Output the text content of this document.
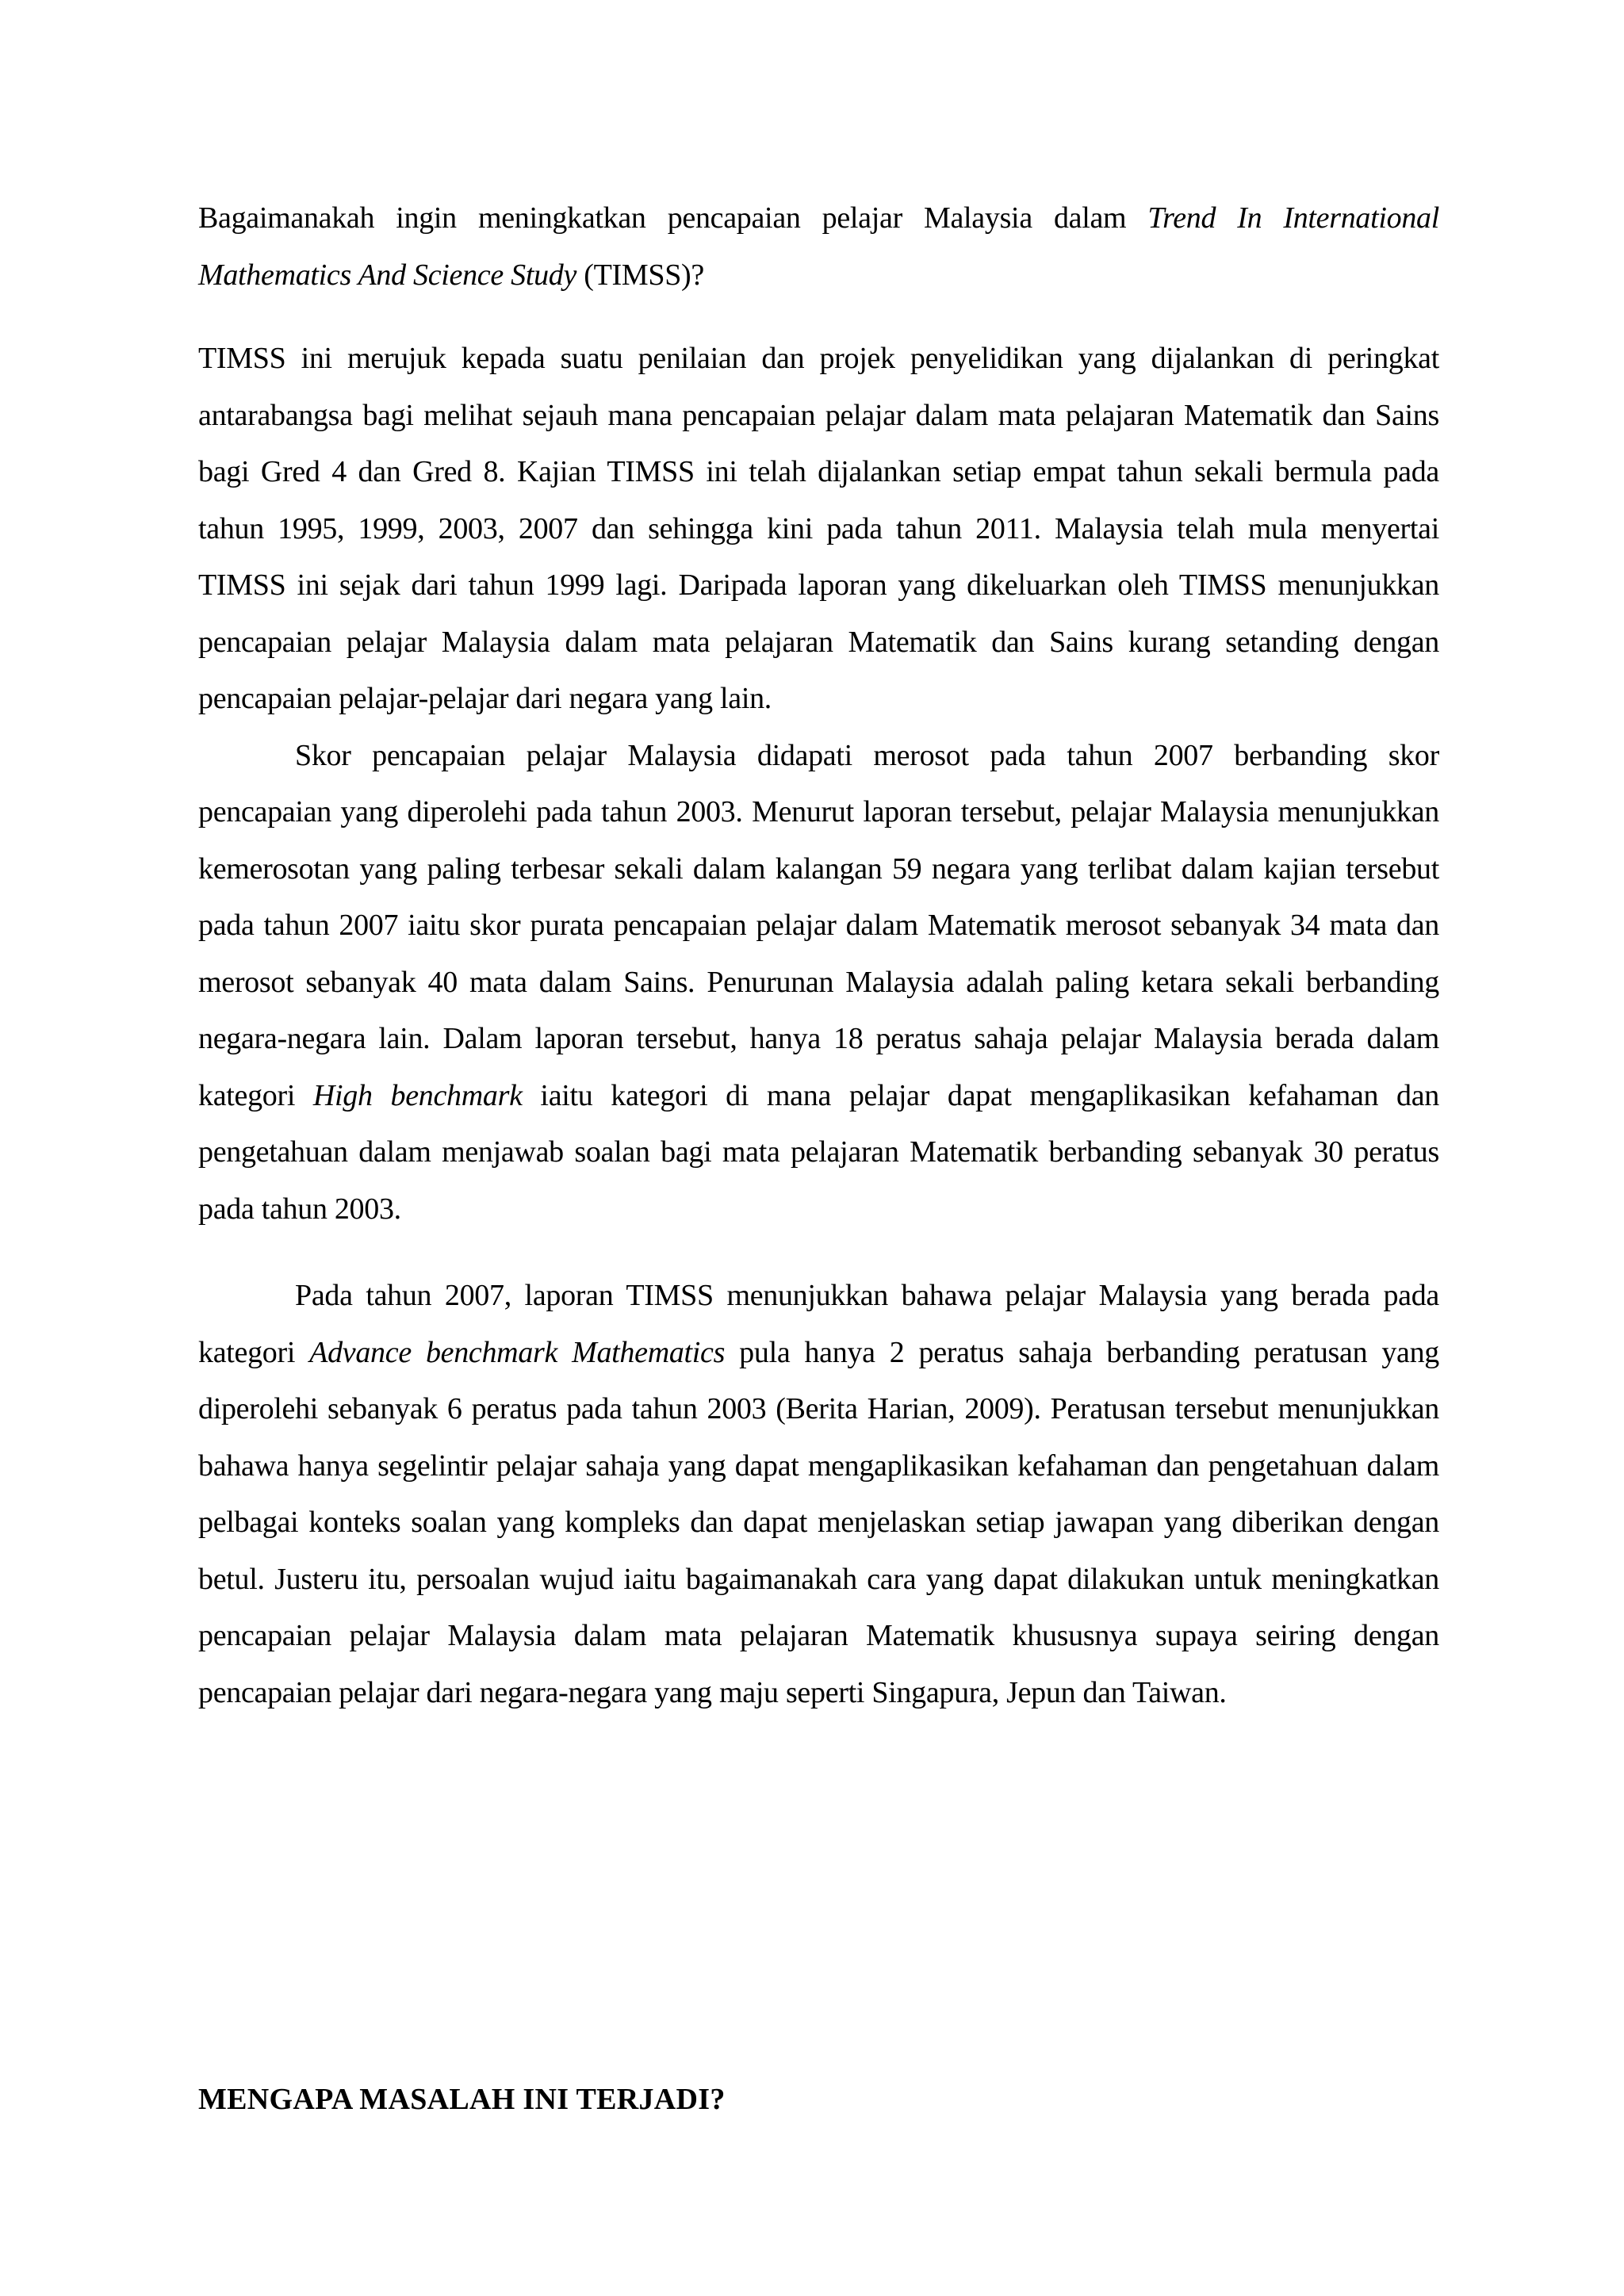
Bagaimanakah ingin meningkatkan pencapaian pelajar Malaysia dalam Trend In International Mathematics And Science Study (TIMSS)?

TIMSS ini merujuk kepada suatu penilaian dan projek penyelidikan yang dijalankan di peringkat antarabangsa bagi melihat sejauh mana pencapaian pelajar dalam mata pelajaran Matematik dan Sains bagi Gred 4 dan Gred 8. Kajian TIMSS ini telah dijalankan setiap empat tahun sekali bermula pada tahun 1995, 1999, 2003, 2007 dan sehingga kini pada tahun 2011. Malaysia telah mula menyertai TIMSS ini sejak dari tahun 1999 lagi. Daripada laporan yang dikeluarkan oleh TIMSS menunjukkan pencapaian pelajar Malaysia dalam mata pelajaran Matematik dan Sains kurang setanding dengan pencapaian pelajar-pelajar dari negara yang lain.

Skor pencapaian pelajar Malaysia didapati merosot pada tahun 2007 berbanding skor pencapaian yang diperolehi pada tahun 2003. Menurut laporan tersebut, pelajar Malaysia menunjukkan kemerosotan yang paling terbesar sekali dalam kalangan 59 negara yang terlibat dalam kajian tersebut pada tahun 2007 iaitu skor purata pencapaian pelajar dalam Matematik merosot sebanyak 34 mata dan merosot sebanyak 40 mata dalam Sains. Penurunan Malaysia adalah paling ketara sekali berbanding negara-negara lain. Dalam laporan tersebut, hanya 18 peratus sahaja pelajar Malaysia berada dalam kategori High benchmark iaitu kategori di mana pelajar dapat mengaplikasikan kefahaman dan pengetahuan dalam menjawab soalan bagi mata pelajaran Matematik berbanding sebanyak 30 peratus pada tahun 2003.

Pada tahun 2007, laporan TIMSS menunjukkan bahawa pelajar Malaysia yang berada pada kategori Advance benchmark Mathematics pula hanya 2 peratus sahaja berbanding peratusan yang diperolehi sebanyak 6 peratus pada tahun 2003 (Berita Harian, 2009). Peratusan tersebut menunjukkan bahawa hanya segelintir pelajar sahaja yang dapat mengaplikasikan kefahaman dan pengetahuan dalam pelbagai konteks soalan yang kompleks dan dapat menjelaskan setiap jawapan yang diberikan dengan betul. Justeru itu, persoalan wujud iaitu bagaimanakah cara yang dapat dilakukan untuk meningkatkan pencapaian pelajar Malaysia dalam mata pelajaran Matematik khususnya supaya seiring dengan pencapaian pelajar dari negara-negara yang maju seperti Singapura, Jepun dan Taiwan.

MENGAPA MASALAH INI TERJADI?
